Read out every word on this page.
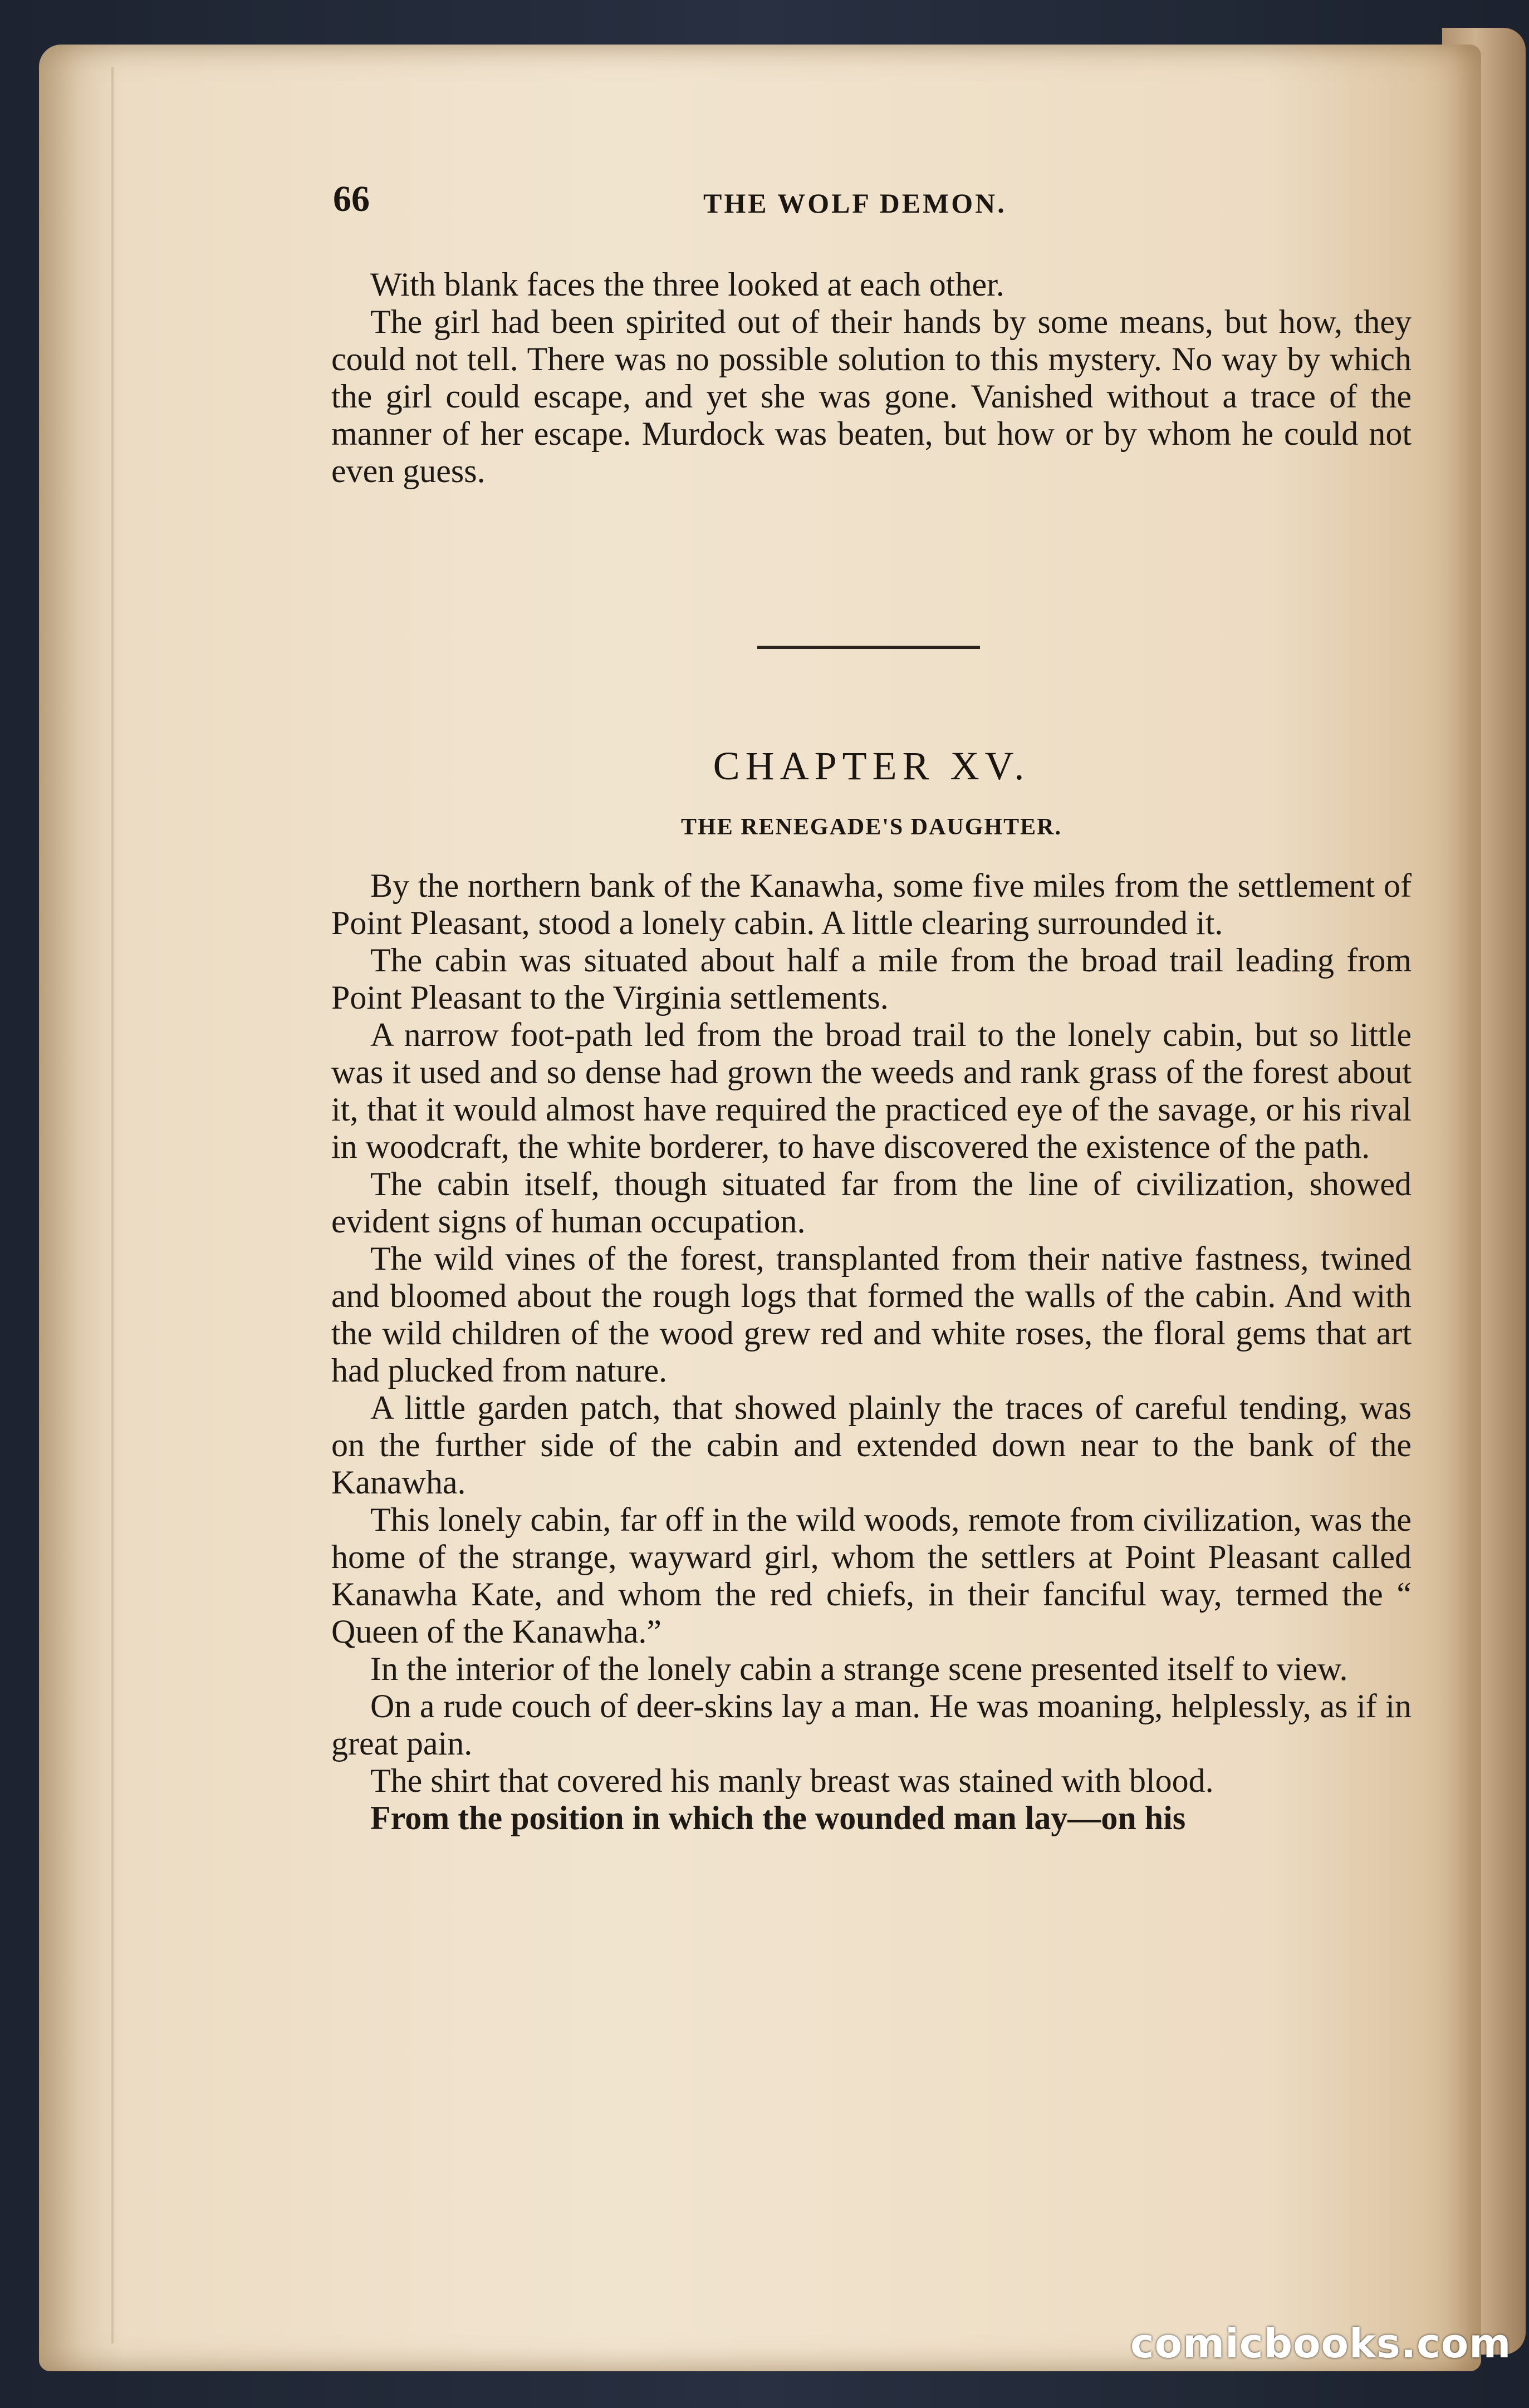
66	THE WOLF DEMON.

With blank faces the three looked at each other.

The girl had been spirited out of their hands by some means, but how, they could not tell. There was no possible solution to this mystery. No way by which the girl could escape, and yet she was gone. Vanished without a trace of the manner of her escape. Murdock was beaten, but how or by whom he could not even guess.

CHAPTER XV.
THE RENEGADE'S DAUGHTER.

By the northern bank of the Kanawha, some five miles from the settlement of Point Pleasant, stood a lonely cabin. A little clearing surrounded it.

The cabin was situated about half a mile from the broad trail leading from Point Pleasant to the Virginia settlements.

A narrow foot-path led from the broad trail to the lonely cabin, but so little was it used and so dense had grown the weeds and rank grass of the forest about it, that it would almost have required the practiced eye of the savage, or his rival in woodcraft, the white borderer, to have discovered the existence of the path.

The cabin itself, though situated far from the line of civilization, showed evident signs of human occupation.

The wild vines of the forest, transplanted from their native fastness, twined and bloomed about the rough logs that formed the walls of the cabin. And with the wild children of the wood grew red and white roses, the floral gems that art had plucked from nature.

A little garden patch, that showed plainly the traces of careful tending, was on the further side of the cabin and extended down near to the bank of the Kanawha.

This lonely cabin, far off in the wild woods, remote from civilization, was the home of the strange, wayward girl, whom the settlers at Point Pleasant called Kanawha Kate, and whom the red chiefs, in their fanciful way, termed the “ Queen of the Kanawha.”

In the interior of the lonely cabin a strange scene presented itself to view.

On a rude couch of deer-skins lay a man. He was moaning, helplessly, as if in great pain.

The shirt that covered his manly breast was stained with blood.

From the position in which the wounded man lay—on his

comicbooks.com
